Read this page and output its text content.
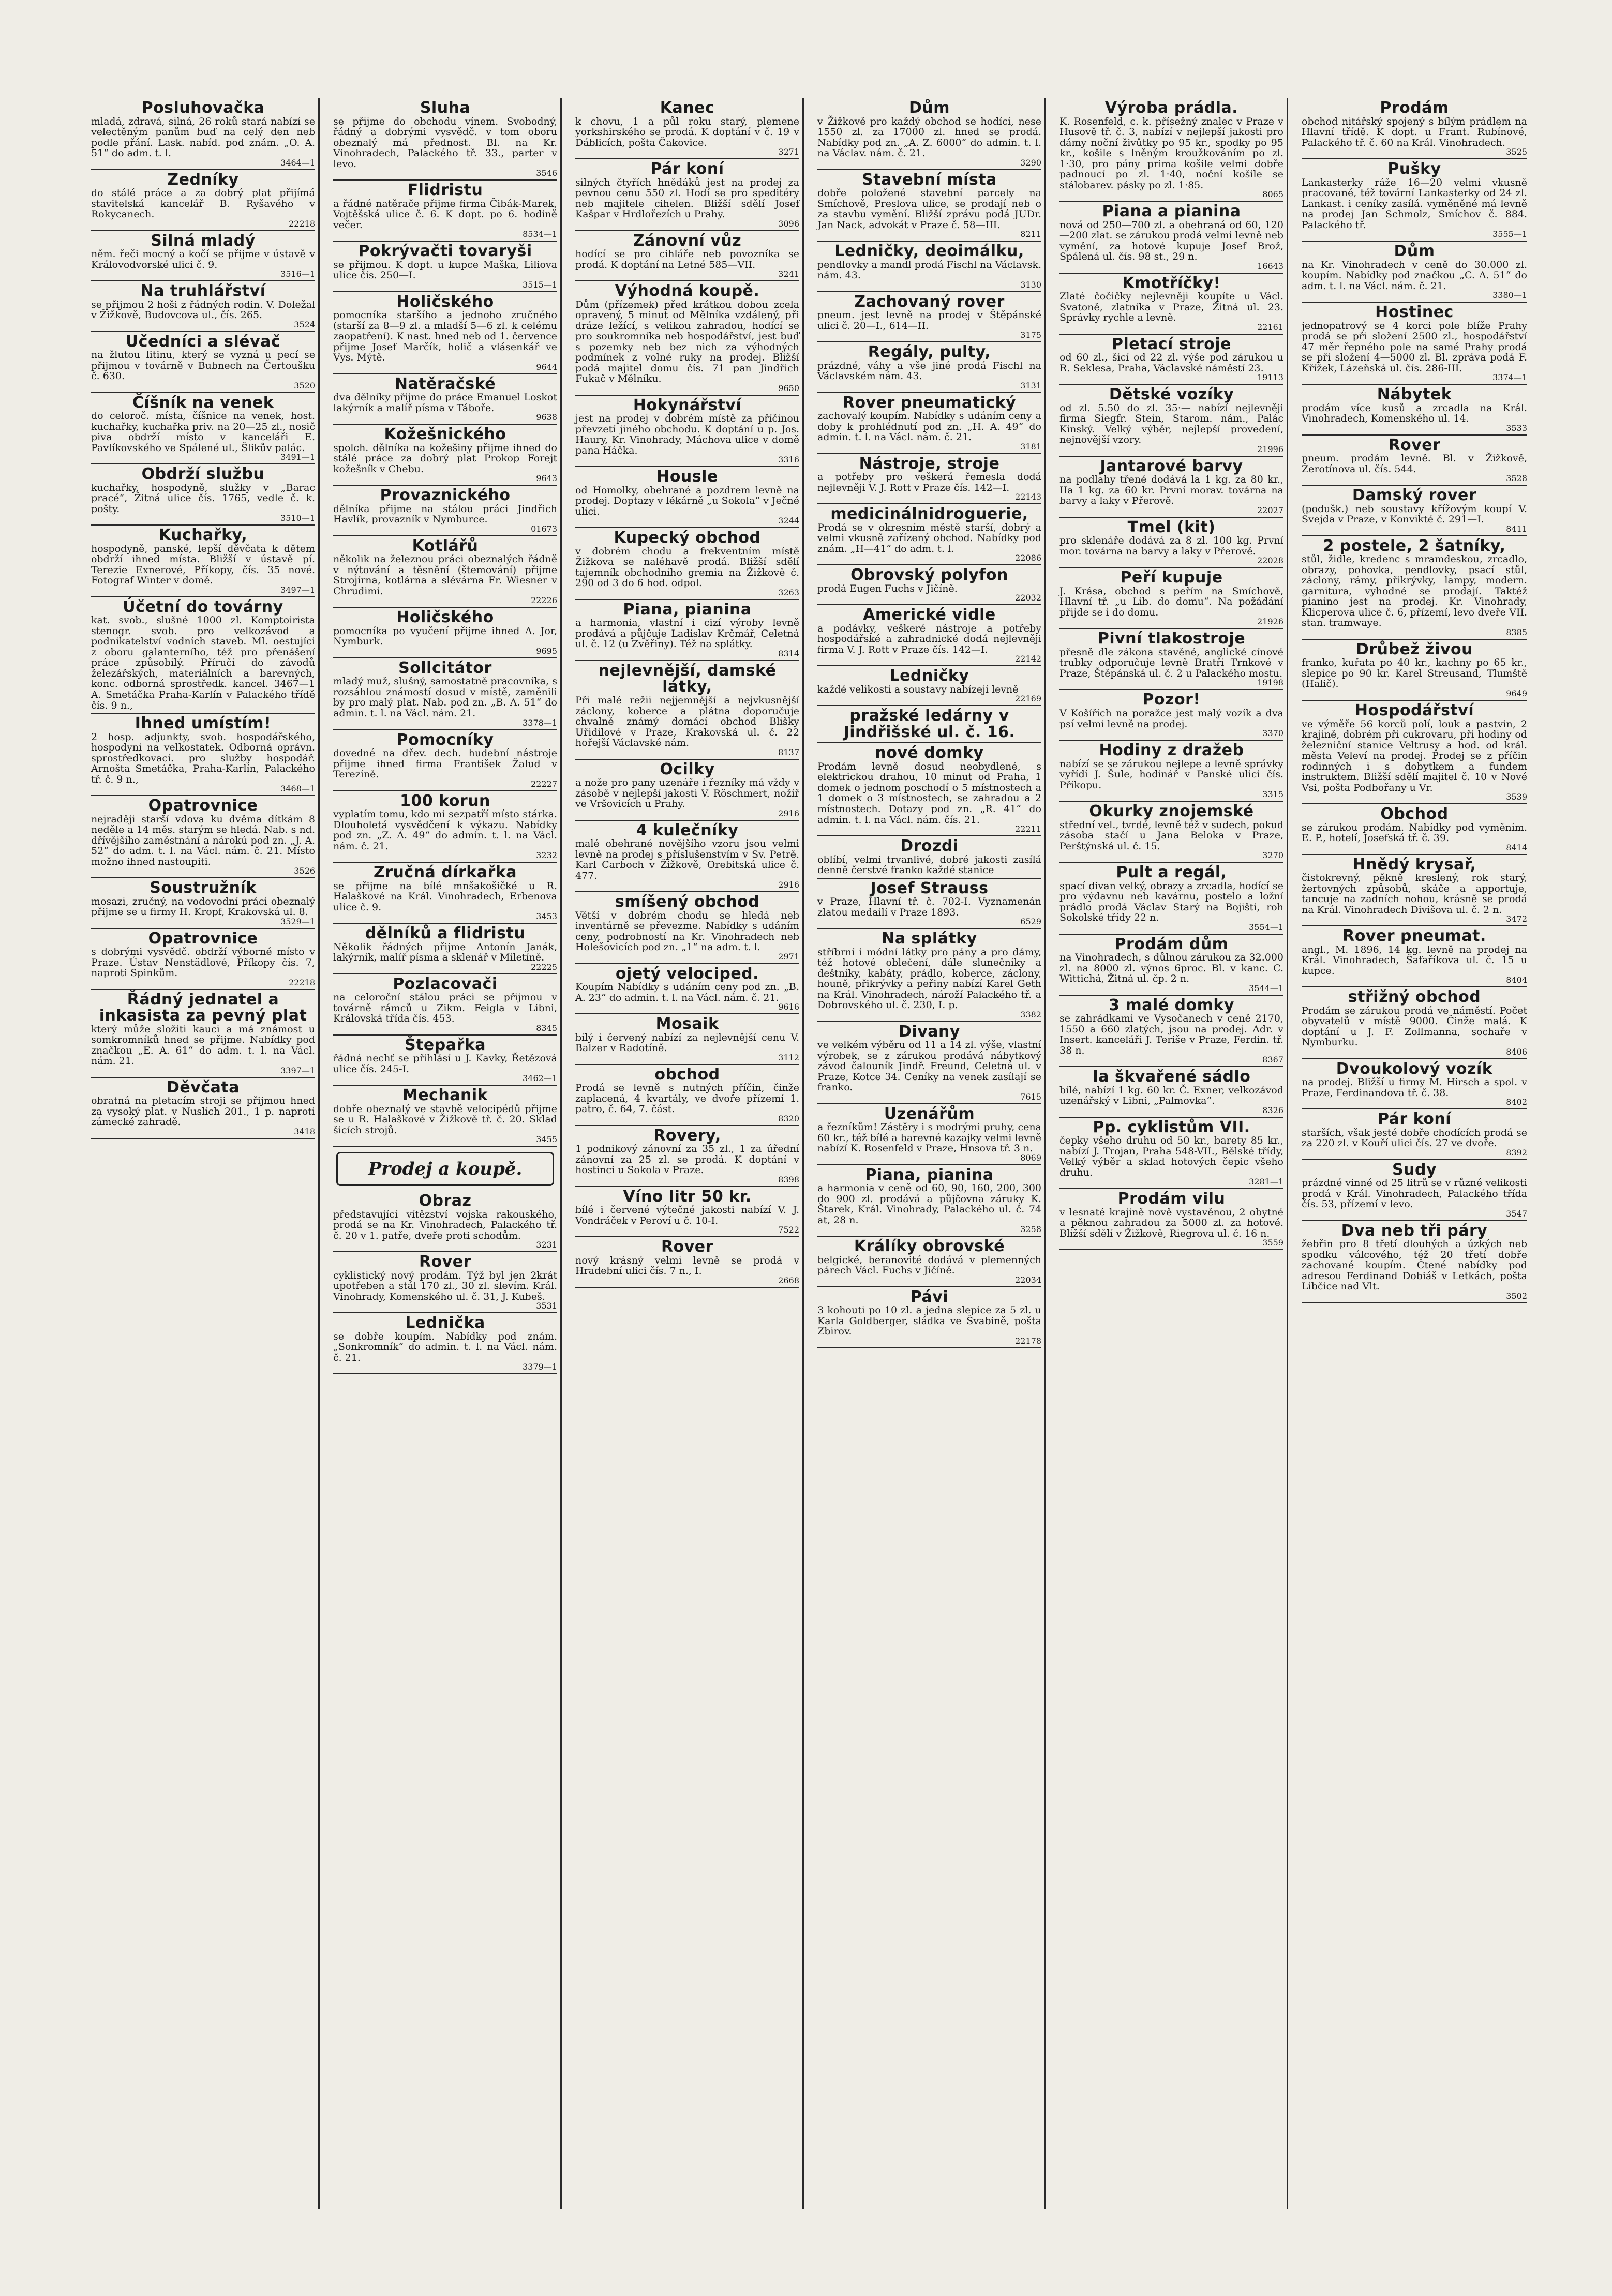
Posluhovačka
mladá, zdravá, silná, 26 roků stará nabízí se velectěným panům buď na celý den neb podle přání. Lask. nabíd. pod znám. „O. A. 51“ do adm. t. l.
3464—1
Zedníky
do stálé práce a za dobrý plat přijímá stavitelská kancelář B. Ryšavého v Rokycanech.
22218
Silná mladý
něm. řeči mocný a kočí se přijme v ústavě v Královodvorské ulici č. 9.
3516—1
Na truhlářství
se přijmou 2 hoši z řádných rodin. V. Doležal v Žižkově, Budovcova ul., čís. 265.
3524
Učedníci a slévač
na žlutou litinu, který se vyzná u pecí se přijmou v továrně v Bubnech na Čertoušku č. 630.
3520
Číšník na venek
do celoroč. místa, číšnice na venek, host. kuchařky, kuchařka priv. na 20—25 zl., nosič piva obdrží místo v kanceláři E. Pavlíkovského ve Spálené ul., Šlikův palác.
3491—1
Obdrží službu
kuchařky, hospodyně, služky v „Barac pracé“, Žitná ulice čís. 1765, vedle č. k. pošty.
3510—1
Kuchařky,
hospodyně, panské, lepší děvčata k dětem obdrží ihned místa. Bližší v ústavě pí. Terezie Exnerové, Příkopy, čís. 35 nové. Fotograf Winter v domě.
3497—1
Účetní do továrny
kat. svob., slušné 1000 zl. Komptoirista stenogr. svob. pro velkozávod a podnikatelství vodních staveb. Ml. oestujíci z oboru galanterního, též pro přenášení práce způsobilý. Příručí do závodů železářských, materiálních a barevných, konc. odborná sprostředk. kancel. 3467—1 A. Smetáčka Praha-Karlín v Palackého třídě čís. 9 n.,
Ihned umístím!
2 hosp. adjunkty, svob. hospodářského, hospodyni na velkostatek. Odborná oprávn. sprostředkovací. pro služby hospodář. Arnošta Smetáčka, Praha-Karlín, Palackého tř. č. 9 n.,
3468—1
Opatrovnice
nejraději starší vdova ku dvěma dítkám 8 neděle a 14 měs. starým se hledá. Nab. s nd. dřívějšího zaměstnání a nárokú pod zn. „J. A. 52“ do adm. t. l. na Václ. nám. č. 21. Místo možno ihned nastoupiti.
3526
Soustružník
mosazi, zručný, na vodovodní práci obeznalý přijme se u firmy H. Kropf, Krakovská ul. 8.
3529—1
Opatrovnice
s dobrými vysvědč. obdrží výborné místo v Praze. Ústav Nenstädlové, Příkopy čís. 7, naproti Spinkům.
22218
Řádný jednatel a inkasista za pevný plat
který může složiti kauci a má známost u somkromníků hned se přijme. Nabídky pod značkou „E. A. 61“ do adm. t. l. na Václ. nám. 21.
3397—1
Děvčata
obratná na pletacím stroji se přijmou hned za vysoký plat. v Nuslích 201., 1 p. naproti zámecké zahradě.
3418
Sluha
se přijme do obchodu vínem. Svobodný, řádný a dobrými vysvědč. v tom oboru obeznalý má přednost. Bl. na Kr. Vinohradech, Palackého tř. 33., parter v levo.
3546
Flidristu
a řádné natěrače přijme firma Čibák-Marek, Vojtěšská ulice č. 6. K dopt. po 6. hodině večer.
8534—1
Pokrývačti tovaryši
se přijmou. K dopt. u kupce Maška, Liliova ulice čís. 250—I.
3515—1
Holičského
pomocníka staršího a jednoho zručného (starší za 8—9 zl. a mladší 5—6 zl. k celému zaopatření). K nast. hned neb od 1. července přijme Josef Marčík, holič a vlásenkář ve Vys. Mýtě.
9644
Natěračské
dva dělníky přijme do práce Emanuel Loskot lakýrník a malíř písma v Táboře.
9638
Kožešnického
spolch. dělníka na kožešiny přijme ihned do stálé práce za dobrý plat Prokop Forejt kožešník v Chebu.
9643
Provaznického
dělníka přijme na stálou práci Jindřich Havlík, provazník v Nymburce.
01673
Kotlářů
několik na železnou práci obeznalých řádně v nýtování a těsnění (štemování) přijme Strojírna, kotlárna a slévárna Fr. Wiesner v Chrudimi.
22226
Holičského
pomocníka po vyučení přijme ihned A. Jor, Nymburk.
9695
Sollcitátor
mladý muž, slušný, samostatně pracovníka, s rozsáhlou známostí dosud v místě, zaměnili by pro malý plat. Nab. pod zn. „B. A. 51“ do admin. t. l. na Václ. nám. 21.
3378—1
Pomocníky
dovedné na dřev. dech. hudební nástroje přijme ihned firma František Žalud v Terezíně.
22227
100 korun
vyplatím tomu, kdo mi sezpatří místo stárka. Dlouholetá vysvědčení k výkazu. Nabídky pod zn. „Z. A. 49“ do admin. t. l. na Václ. nám. č. 21.
3232
Zručná dírkařka
se přijme na bílé mnšakošičké u R. Halaškové na Král. Vinohradech, Erbenova ulice č. 9.
3453
dělníků a flidristu
Několik řádných přijme Antonín Janák, lakýrník, malíř písma a sklenář v Miletíně.
22225
Pozlacovači
na celoroční stálou práci se přijmou v továrně rámců u Zikm. Feigla v Libni, Královská třída čís. 453.
8345
Štepařka
řádná nechť se přihlásí u J. Kavky, Řetězová ulice čís. 245-I.
3462—1
Mechanik
dobře obeznalý ve stavbě velocipédů přijme se u R. Halaškové v Žižkově tř. č. 20. Sklad šicích strojů.
3455
Prodej a koupě.
Obraz
představující vítězství vojska rakouského, prodá se na Kr. Vinohradech, Palackého tř. č. 20 v 1. patře, dveře proti schodům.
3231
Rover
cyklistický nový prodám. Týž byl jen 2krát upotřeben a stál 170 zl., 30 zl. slevím. Král. Vinohrady, Komenského ul. č. 31, J. Kubeš.
3531
Lednička
se dobře koupím. Nabídky pod znám. „Sonkromník“ do admin. t. l. na Václ. nám. č. 21.
3379—1
Kanec
k chovu, 1 a půl roku starý, plemene yorkshirského se prodá. K doptání v č. 19 v Dáblicích, pošta Čakovice.
3271
Pár koní
silných čtyřích hnědáků jest na prodej za pevnou cenu 550 zl. Hodí se pro speditéry neb majitele cihelen. Bližší sdělí Josef Kašpar v Hrdlořezích u Prahy.
3096
Zánovní vůz
hodící se pro cihláře neb povozníka se prodá. K doptání na Letné 585—VII.
3241
Výhodná koupě.
Dům (přízemek) před krátkou dobou zcela opravený, 5 minut od Mělníka vzdálený, při dráze ležící, s velikou zahradou, hodící se pro soukromníka neb hospodářství, jest buď s pozemky neb bez nich za výhodných podmínek z volné ruky na prodej. Bližší podá majitel domu čís. 71 pan Jindřich Fukač v Mělníku.
9650
Hokynářství
jest na prodej v dobrém místě za příčinou převzetí jiného obchodu. K doptání u p. Jos. Haury, Kr. Vinohrady, Máchova ulice v domě pana Háčka.
3316
Housle
od Homolky, obehrané a pozdrem levně na prodej. Doptazy v lékárně „u Sokola“ v Ječné ulici.
3244
Kupecký obchod
v dobrém chodu a frekventním místě Žižkova se naléhavě prodá. Bližší sdělí tajemník obchodního gremia na Žižkově č. 290 od 3 do 6 hod. odpol.
3263
Piana, pianina
a harmonia, vlastní i cizí výroby levně prodává a půjčuje Ladislav Krčmář, Celetná ul. č. 12 (u Zvěřiny). Též na splátky.
8314
nejlevnější, damské látky,
Při malé režii nejjemnější a nejvkusnější záclony, koberce a plátna doporučuje chvalně známý domácí obchod Blišky Uřidilové v Praze, Krakovská ul. č. 22 hořejší Václavské nám.
8137
Ocilky
a nože pro pany uzenáře i řezníky má vždy v zásobě v nejlepší jakosti V. Röschmert, nožíř ve Vršovicích u Prahy.
2916
4 kulečníky
malé obehrané novějšího vzoru jsou velmi levně na prodej s příslušenstvím v Sv. Petrě. Karl Carboch v Žižkově, Orebitská ulice č. 477.
2916
smíšený obchod
Větší v dobrém chodu se hledá neb inventárně se převezme. Nabídky s udáním ceny, podrobností na Kr. Vinohradech neb Holešovicích pod zn. „1“ na adm. t. l.
2971
ojetý velociped.
Koupím Nabídky s udáním ceny pod zn. „B. A. 23“ do admin. t. l. na Václ. nám. č. 21.
9616
Mosaik
bílý i červený nabízí za nejlevnější cenu V. Balzer v Radotíně.
3112
obchod
Prodá se levně s nutných příčin, činže zaplacená, 4 kvartály, ve dvoře přízemí 1. patro, č. 64, 7. část.
8320
Rovery,
1 podnikový zánovní za 35 zl., 1 za úřední zánovní za 25 zl. se prodá. K doptání v hostinci u Sokola v Praze.
8398
Víno litr 50 kr.
bílé i červené výtečné jakosti nabízí V. J. Vondráček v Peroví u č. 10-I.
7522
Rover
nový krásný velmi levně se prodá v Hradební ulici čís. 7 n., I.
2668
Dům
v Žižkově pro každý obchod se hodící, nese 1550 zl. za 17000 zl. hned se prodá. Nabídky pod zn. „A. Z. 6000“ do admin. t. l. na Václav. nám. č. 21.
3290
Stavební místa
dobře položené stavební parcely na Smíchově, Preslova ulice, se prodají neb o za stavbu vymění. Bližší zprávu podá JUDr. Jan Nack, advokát v Praze č. 58—III.
8211
Ledničky, deoimálku,
pendlovky a mandl prodá Fischl na Václavsk. nám. 43.
3130
Zachovaný rover
pneum. jest levně na prodej v Štěpánské ulici č. 20—I., 614—II.
3175
Regály, pulty,
prázdné, váhy a vše jiné prodá Fischl na Václavském nám. 43.
3131
Rover pneumatický
zachovalý koupím. Nabídky s udáním ceny a doby k prohlédnutí pod zn. „H. A. 49“ do admin. t. l. na Václ. nám. č. 21.
3181
Nástroje, stroje
a potřeby pro veškerá řemesla dodá nejlevněji V. J. Rott v Praze čís. 142—I.
22143
medicinálnidroguerie,
Prodá se v okresním městě starší, dobrý a velmi vkusně zařízený obchod. Nabídky pod znám. „H—41“ do adm. t. l.
22086
Obrovský polyfon
prodá Eugen Fuchs v Jičíně.
22032
Americké vidle
a podávky, veškeré nástroje a potřeby hospodářské a zahradnické dodá nejlevněji firma V. J. Rott v Praze čís. 142—I.
22142
Ledničky
každé velikosti a soustavy nabízejí levně
22169
pražské ledárny v Jindřišské ul. č. 16.
nové domky
Prodám levně dosud neobydlené, s elektrickou drahou, 10 minut od Praha, 1 domek o jednom poschodí o 5 místnostech a 1 domek o 3 místnostech, se zahradou a 2 místnostech. Dotazy pod zn. „R. 41“ do admin. t. l. na Václ. nám. čís. 21.
22211
Drozdi
oblíbí, velmi trvanlivé, dobré jakosti zasílá denně čerstvé franko každé stanice
Josef Strauss
v Praze, Hlavní tř. č. 702-I. Vyznamenán zlatou medailí v Praze 1893.
6529
Na splátky
stříbrní i módní látky pro pány a pro dámy, též hotové oblečení, dále slunečníky a deštníky, kabáty, prádlo, koberce, záclony, houně, přikrývky a peřiny nabízí Karel Geth na Král. Vinohradech, nároží Palackého tř. a Dobrovského ul. č. 230, I. p.
3382
Divany
ve velkém výběru od 11 a 14 zl. výše, vlastní výrobek, se z zárukou prodává nábytkový závod čalouník Jindř. Freund, Celetná ul. v Praze, Kotce 34. Ceníky na venek zasílají se franko.
7615
Uzenářům
a řezníkům! Zástěry i s modrými pruhy, cena 60 kr., též bílé a barevné kazajky velmi levně nabízí K. Rosenfeld v Praze, Hnsova tř. 3 n.
8069
Piana, pianina
a harmonia v ceně od 60, 90, 160, 200, 300 do 900 zl. prodává a půjčovna záruky K. Štarek, Král. Vinohrady, Palackého ul. č. 74 at, 28 n.
3258
Králíky obrovské
belgické, beranovité dodává v plemenných párech Václ. Fuchs v Jičíně.
22034
Pávi
3 kohouti po 10 zl. a jedna slepice za 5 zl. u Karla Goldberger, sládka ve Švabině, pošta Zbirov.
22178
Výroba prádla.
K. Rosenfeld, c. k. přísežný znalec v Praze v Husově tř. č. 3, nabízí v nejlepší jakosti pro dámy noční živůtky po 95 kr., spodky po 95 kr., košile s lněným kroužkováním po zl. 1·30, pro pány prima košile velmi dobře padnoucí po zl. 1·40, noční košile se stálobarev. pásky po zl. 1·85.
8065
Piana a pianina
nová od 250—700 zl. a obehraná od 60, 120—200 zlat. se zárukou prodá velmi levně neb vymění, za hotové kupuje Josef Brož, Spálená ul. čís. 98 st., 29 n.
16643
Kmotříčky!
Zlaté čočičky nejlevněji koupíte u Václ. Svatoně, zlatníka v Praze, Žitná ul. 23. Správky rychle a levně.
22161
Pletací stroje
od 60 zl., šicí od 22 zl. výše pod zárukou u R. Seklesa, Praha, Václavské náměstí 23.
19113
Dětské vozíky
od zl. 5.50 do zl. 35·— nabízí nejlevněji firma Siegfr. Stein, Starom. nám., Palác Kinský. Velký výběr, nejlepší provedení, nejnovější vzory.
21996
Jantarové barvy
na podlahy třené dodává la 1 kg. za 80 kr., IIa 1 kg. za 60 kr. První morav. továrna na barvy a laky v Přerově.
22027
Tmel (kit)
pro sklenáře dodává za 8 zl. 100 kg. První mor. továrna na barvy a laky v Přerově.
22028
Peří kupuje
J. Krása, obchod s peřím na Smíchově, Hlavní tř. „u Lib. do domu“. Na požádání přijde se i do domu.
21926
Pivní tlakostroje
přesně dle zákona stavěné, anglické cínové trubky odporučuje levně Bratři Trnkové v Praze, Štěpánská ul. č. 2 u Palackého mostu.
19198
Pozor!
V Košířích na poražce jest malý vozík a dva psí velmi levně na prodej.
3370
Hodiny z dražeb
nabízí se se zárukou nejlepe a levně správky vyřídí J. Šule, hodinář v Panské ulici čís. Příkopu.
3315
Okurky znojemské
střední vel., tvrdé, levně též v sudech, pokud zásoba stačí u Jana Beloka v Praze, Perštýnská ul. č. 15.
3270
Pult a regál,
spací divan velký, obrazy a zrcadla, hodící se pro výdavnu neb kavárnu, postelo a ložní prádlo prodá Václav Starý na Bojišti, roh Sokolské třídy 22 n.
3554—1
Prodám dům
na Vinohradech, s důlnou zárukou za 32.000 zl. na 8000 zl. výnos 6proc. Bl. v kanc. C. Wittichá, Žitná ul. čp. 2 n.
3544—1
3 malé domky
se zahrádkami ve Vysočanech v ceně 2170, 1550 a 660 zlatých, jsou na prodej. Adr. v Insert. kanceláři J. Teriše v Praze, Ferdin. tř. 38 n.
8367
Ia škvařené sádlo
bílé, nabízí 1 kg. 60 kr. Č. Exner, velkozávod uzenářský v Libni, „Palmovka“.
8326
Pp. cyklistům VII.
čepky všeho druhu od 50 kr., barety 85 kr., nabízí J. Trojan, Praha 548-VII., Bělské třídy, Velký výběr a sklad hotových čepic všeho druhu.
3281—1
Prodám vilu
v lesnaté krajině nově vystavěnou, 2 obytné a pěknou zahradou za 5000 zl. za hotové. Bližší sdělí v Žižkově, Riegrova ul. č. 16 n.
3559
Prodám
obchod nitářský spojený s bílým prádlem na Hlavní třídě. K dopt. u Frant. Rubínové, Palackého tř. č. 60 na Král. Vinohradech.
3525
Pušky
Lankasterky ráže 16—20 velmi vkusně pracované, též tovární Lankasterky od 24 zl. Lankast. i ceníky zasílá. vyměněné má levně na prodej Jan Schmolz, Smíchov č. 884. Palackého tř.
3555—1
Dům
na Kr. Vinohradech v ceně do 30.000 zl. koupím. Nabídky pod značkou „C. A. 51“ do adm. t. l. na Václ. nám. č. 21.
3380—1
Hostinec
jednopatrový se 4 korci pole blíže Prahy prodá se při složení 2500 zl., hospodářství 47 měr řepného pole na samé Prahy prodá se při složení 4—5000 zl. Bl. zpráva podá F. Křížek, Lázeňská ul. čís. 286-III.
3374—1
Nábytek
prodám více kusů a zrcadla na Král. Vinohradech, Komenského ul. 14.
3533
Rover
pneum. prodám levně. Bl. v Žižkově, Žerotínova ul. čís. 544.
3528
Damský rover
(podušk.) neb soustavy křížovým koupí V. Svejda v Praze, v Konvikté č. 291—I.
8411
2 postele, 2 šatníky,
stůl, židle, kredenc s mramdeskou, zrcadlo, obrazy, pohovka, pendlovky, psací stůl, záclony, rámy, přikrývky, lampy, modern. garnitura, vyhodné se prodají. Taktéž pianino jest na prodej. Kr. Vinohrady, Klicperova ulice č. 6, přízemí, levo dveře VII. stan. tramwaye.
8385
Drůbež živou
franko, kuřata po 40 kr., kachny po 65 kr., slepice po 90 kr. Karel Streusand, Tlumště (Halič).
9649
Hospodářství
ve výměře 56 korců polí, louk a pastvin, 2 krajině, dobrém při cukrovaru, při hodiny od železniční stanice Veltrusy a hod. od král. města Veleví na prodej. Prodej se z příčin rodinných i s dobytkem a fundem instruktem. Bližší sdělí majitel č. 10 v Nové Vsi, pošta Podbořany u Vr.
3539
Obchod
se zárukou prodám. Nabídky pod vyměním. E. P., hotelí, Josefská tř. č. 39.
8414
Hnědý krysař,
čistokrevný, pěkně kreslený, rok starý, žertovných způsobů, skáče a apportuje, tancuje na zadních nohou, krásně se prodá na Král. Vinohradech Divišova ul. č. 2 n.
3472
Rover pneumat.
angl., M. 1896, 14 kg. levně na prodej na Král. Vinohradech, Šafaříkova ul. č. 15 u kupce.
8404
střižný obchod
Prodám se zárukou prodá ve náměstí. Počet obyvatelů v místě 9000. Činže malá. K doptání u J. F. Zollmanna, sochaře v Nymburku.
8406
Dvoukolový vozík
na prodej. Bližší u firmy M. Hirsch a spol. v Praze, Ferdinandova tř. č. 38.
8402
Pár koní
starších, však jesté dobře chodících prodá se za 220 zl. v Kouří ulici čís. 27 ve dvoře.
8392
Sudy
prázdné vinné od 25 litrů se v různé velikosti prodá v Král. Vinohradech, Palackého třída čís. 53, přízemí v levo.
3547
Dva neb tři páry
žebřin pro 8 třetí dlouhých a úzkých neb spodku válcového, též 20 třetí dobře zachované koupím. Čtené nabídky pod adresou Ferdinand Dobiáš v Letkách, pošta Libčice nad Vlt.
3502
